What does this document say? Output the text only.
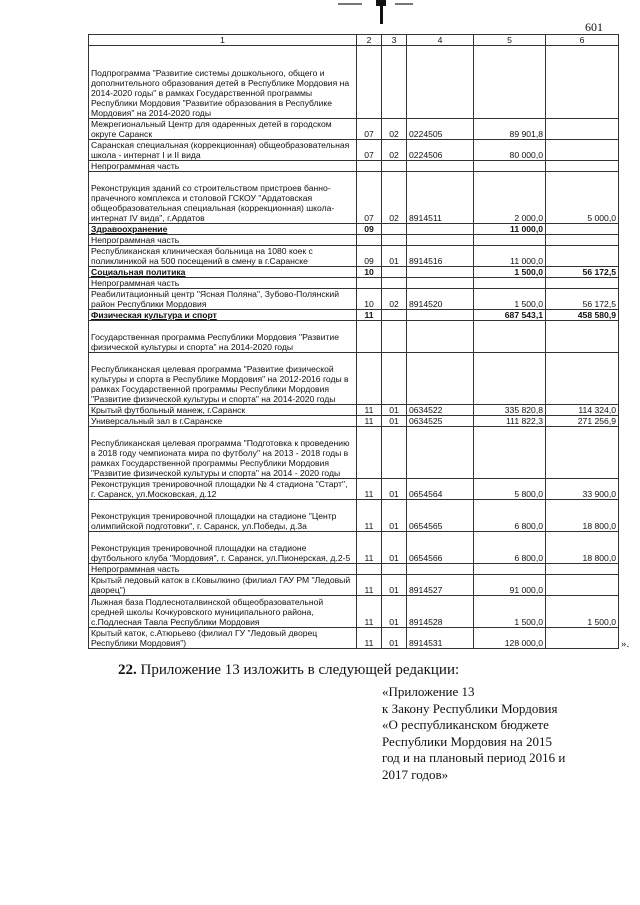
601
1	2	3	4	5	6
Подпрограмма "Развитие системы дошкольного, общего и дополнительного образования детей в Республике Мордовия на 2014-2020 годы" в рамках Государственной программы Республики Мордовия "Развитие образования в Республике Мордовия" на 2014-2020 годы					
Межрегиональный Центр для одаренных детей в городском округе Саранск	07	02	0224505	89 901,8	
Саранская специальная (коррекционная) общеобразовательная школа - интернат I и II вида	07	02	0224506	80 000,0	
Непрограммная часть					
Реконструкция зданий со строительством пристроев банно-прачечного комплекса и столовой ГСКОУ "Ардатовская общеобразовательная специальная (коррекционная) школа-интернат IV вида", г.Ардатов	07	02	8914511	2 000,0	5 000,0
Здравоохранение	09			11 000,0	
Непрограммная часть					
Республиканская клиническая больница на 1080 коек с поликлиникой на 500 посещений в смену в г.Саранске	09	01	8914516	11 000,0	
Социальная политика	10			1 500,0	56 172,5
Непрограммная часть					
Реабилитационный центр "Ясная Поляна", Зубово-Полянский район Республики Мордовия	10	02	8914520	1 500,0	56 172,5
Физическая культура и спорт	11			687 543,1	458 580,9
Государственная программа Республики Мордовия "Развитие физической культуры и спорта" на 2014-2020 годы					
Республиканская целевая программа "Развитие физической культуры и спорта в Республике Мордовия" на 2012-2016 годы в рамках Государственной программы Республики Мордовия "Развитие физической культуры и спорта" на 2014-2020 годы					
Крытый футбольный манеж, г.Саранск	11	01	0634522	335 820,8	114 324,0
Универсальный зал в г.Саранске	11	01	0634525	111 822,3	271 256,9
Республиканская целевая программа "Подготовка к проведению в 2018 году чемпионата мира по футболу" на 2013 - 2018 годы в рамках Государственной программы Республики Мордовия "Развитие физической культуры и спорта" на 2014 - 2020 годы					
Реконструкция тренировочной площадки № 4 стадиона "Старт", г. Саранск, ул.Московская, д.12	11	01	0654564	5 800,0	33 900,0
Реконструкция тренировочной площадки на стадионе "Центр олимпийской подготовки", г. Саранск, ул.Победы, д.3а	11	01	0654565	6 800,0	18 800,0
Реконструкция тренировочной площадки на стадионе футбольного клуба "Мордовия", г. Саранск, ул.Пионерская, д.2-5	11	01	0654566	6 800,0	18 800,0
Непрограммная часть					
Крытый ледовый каток в г.Ковылкино (филиал ГАУ РМ "Ледовый дворец")	11	01	8914527	91 000,0	
Лыжная база Подлесноталвинской общеобразовательной средней школы Кочкуровского муниципального района, с.Подлесная Тавла Республики Мордовия	11	01	8914528	1 500,0	1 500,0
Крытый каток, с.Атюрьево (филиал ГУ "Ледовый дворец Республики Мордовия")	11	01	8914531	128 000,0		».
22. Приложение 13 изложить в следующей редакции:
«Приложение 13
к Закону Республики Мордовия
«О республиканском бюджете
Республики Мордовия на 2015
год и на плановый период 2016 и
2017 годов»
